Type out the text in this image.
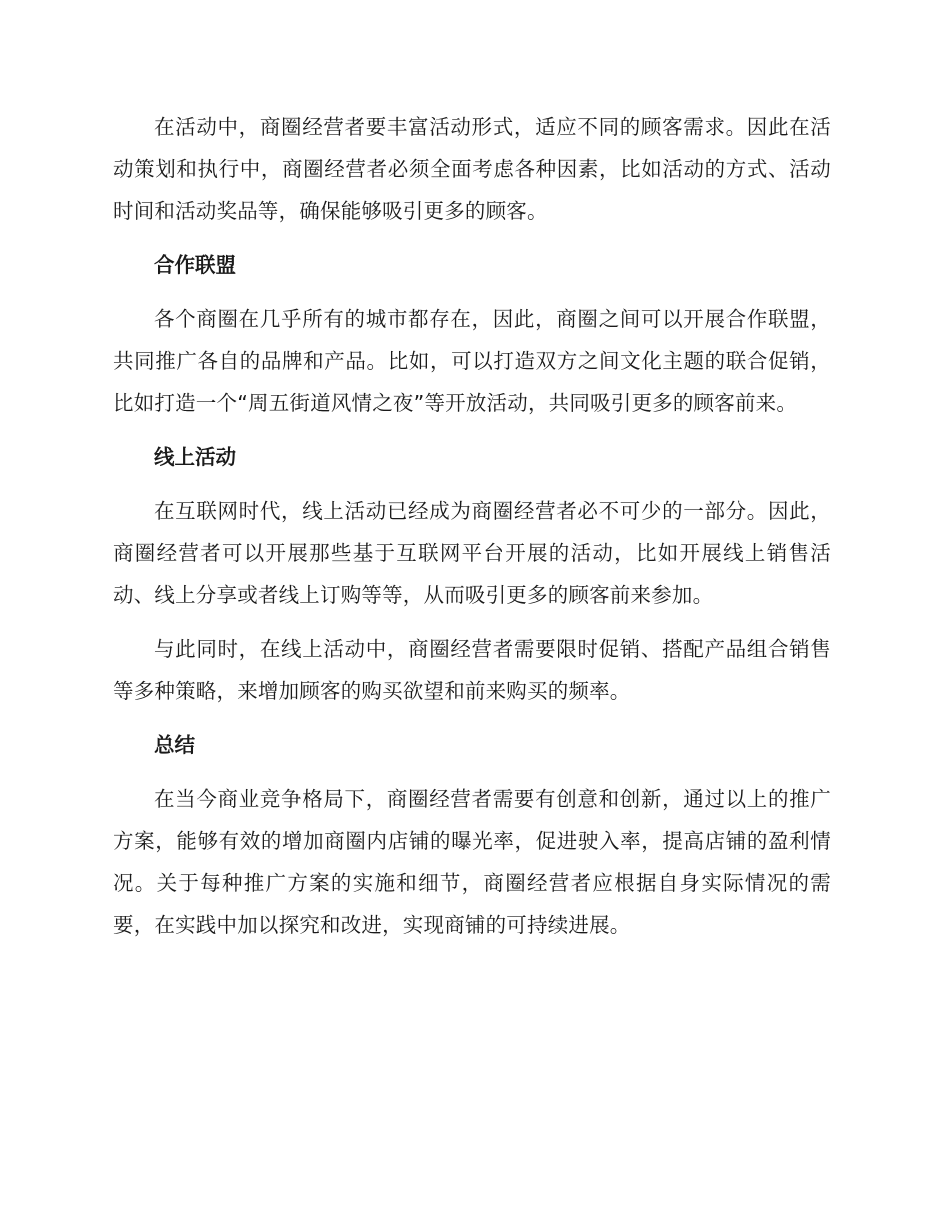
在活动中，商圈经营者要丰富活动形式，适应不同的顾客需求。因此在活动策划和执行中，商圈经营者必须全面考虑各种因素，比如活动的方式、活动时间和活动奖品等，确保能够吸引更多的顾客。

合作联盟

各个商圈在几乎所有的城市都存在，因此，商圈之间可以开展合作联盟，共同推广各自的品牌和产品。比如，可以打造双方之间文化主题的联合促销，比如打造一个“周五街道风情之夜”等开放活动，共同吸引更多的顾客前来。

线上活动

在互联网时代，线上活动已经成为商圈经营者必不可少的一部分。因此，商圈经营者可以开展那些基于互联网平台开展的活动，比如开展线上销售活动、线上分享或者线上订购等等，从而吸引更多的顾客前来参加。

与此同时，在线上活动中，商圈经营者需要限时促销、搭配产品组合销售等多种策略，来增加顾客的购买欲望和前来购买的频率。

总结

在当今商业竞争格局下，商圈经营者需要有创意和创新，通过以上的推广方案，能够有效的增加商圈内店铺的曝光率，促进驶入率，提高店铺的盈利情况。关于每种推广方案的实施和细节，商圈经营者应根据自身实际情况的需要，在实践中加以探究和改进，实现商铺的可持续进展。
